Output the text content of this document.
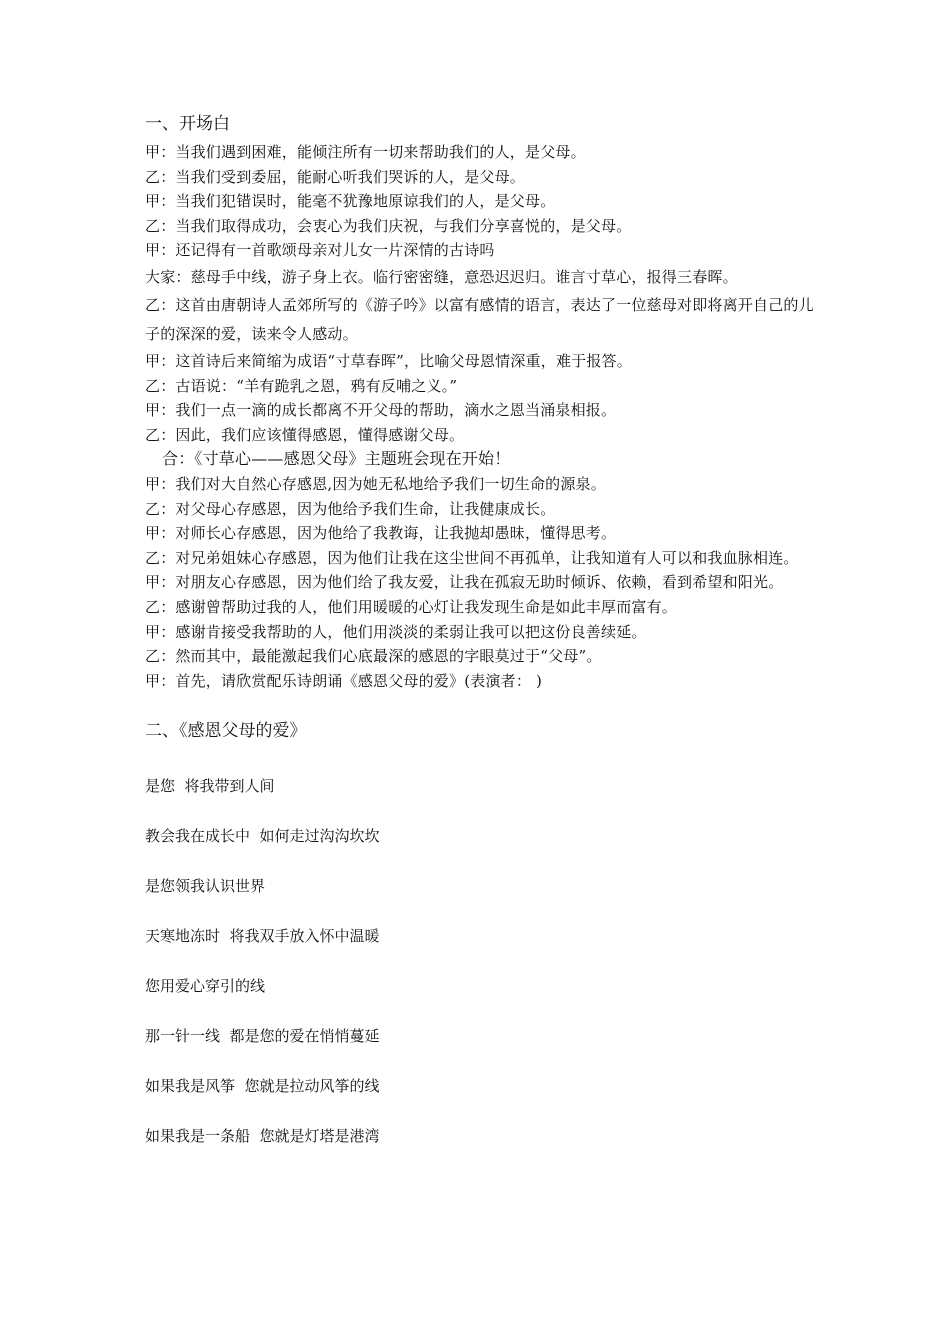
一、开场白

甲：当我们遇到困难，能倾注所有一切来帮助我们的人，是父母。

乙：当我们受到委屈，能耐心听我们哭诉的人，是父母。

甲：当我们犯错误时，能毫不犹豫地原谅我们的人，是父母。

乙：当我们取得成功，会衷心为我们庆祝，与我们分享喜悦的，是父母。

甲：还记得有一首歌颂母亲对儿女一片深情的古诗吗

大家：慈母手中线，游子身上衣。临行密密缝，意恐迟迟归。谁言寸草心，报得三春晖。

乙：这首由唐朝诗人孟郊所写的《游子吟》以富有感情的语言，表达了一位慈母对即将离开自己的儿子的深深的爱，读来令人感动。

甲：这首诗后来简缩为成语“寸草春晖”，比喻父母恩情深重，难于报答。

乙：古语说：“羊有跪乳之恩，鸦有反哺之义。”

甲：我们一点一滴的成长都离不开父母的帮助，滴水之恩当涌泉相报。

乙：因此，我们应该懂得感恩，懂得感谢父母。

合：《寸草心——感恩父母》主题班会现在开始！

甲：我们对大自然心存感恩,因为她无私地给予我们一切生命的源泉。

乙：对父母心存感恩，因为他给予我们生命，让我健康成长。

甲：对师长心存感恩，因为他给了我教诲，让我抛却愚昧，懂得思考。

乙：对兄弟姐妹心存感恩，因为他们让我在这尘世间不再孤单，让我知道有人可以和我血脉相连。

甲：对朋友心存感恩，因为他们给了我友爱，让我在孤寂无助时倾诉、依赖，看到希望和阳光。

乙：感谢曾帮助过我的人，他们用暖暖的心灯让我发现生命是如此丰厚而富有。

甲：感谢肯接受我帮助的人，他们用淡淡的柔弱让我可以把这份良善续延。

乙：然而其中，最能激起我们心底最深的感恩的字眼莫过于“父母”。

甲：首先，请欣赏配乐诗朗诵《感恩父母的爱》(表演者： )

二、《感恩父母的爱》

是您  将我带到人间

教会我在成长中  如何走过沟沟坎坎

是您领我认识世界

天寒地冻时  将我双手放入怀中温暖

您用爱心穿引的线

那一针一线  都是您的爱在悄悄蔓延

如果我是风筝  您就是拉动风筝的线

如果我是一条船  您就是灯塔是港湾
